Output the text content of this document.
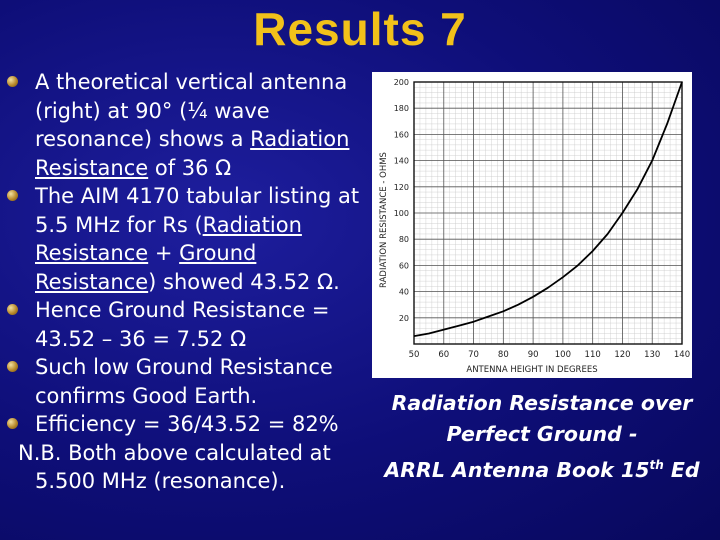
Results 7
A theoretical vertical antenna (right) at 90° (¼ wave resonance) shows a Radiation Resistance of 36 Ω
The AIM 4170 tabular listing at 5.5 MHz for Rs (Radiation Resistance + Ground Resistance) showed 43.52 Ω.
Hence Ground Resistance = 43.52 – 36 = 7.52 Ω
Such low Ground Resistance confirms Good Earth.
Efficiency = 36/43.52 = 82%
N.B. Both above calculated at
5.500 MHz (resonance).
50 60 70 80 90 100 110 120 130 140
20
40
60
80
100
120
140
160
180
200
ANTENNA HEIGHT IN DEGREES
RADIATION RESISTANCE - OHMS
Radiation Resistance over
Perfect Ground -
ARRL Antenna Book 15th Ed
